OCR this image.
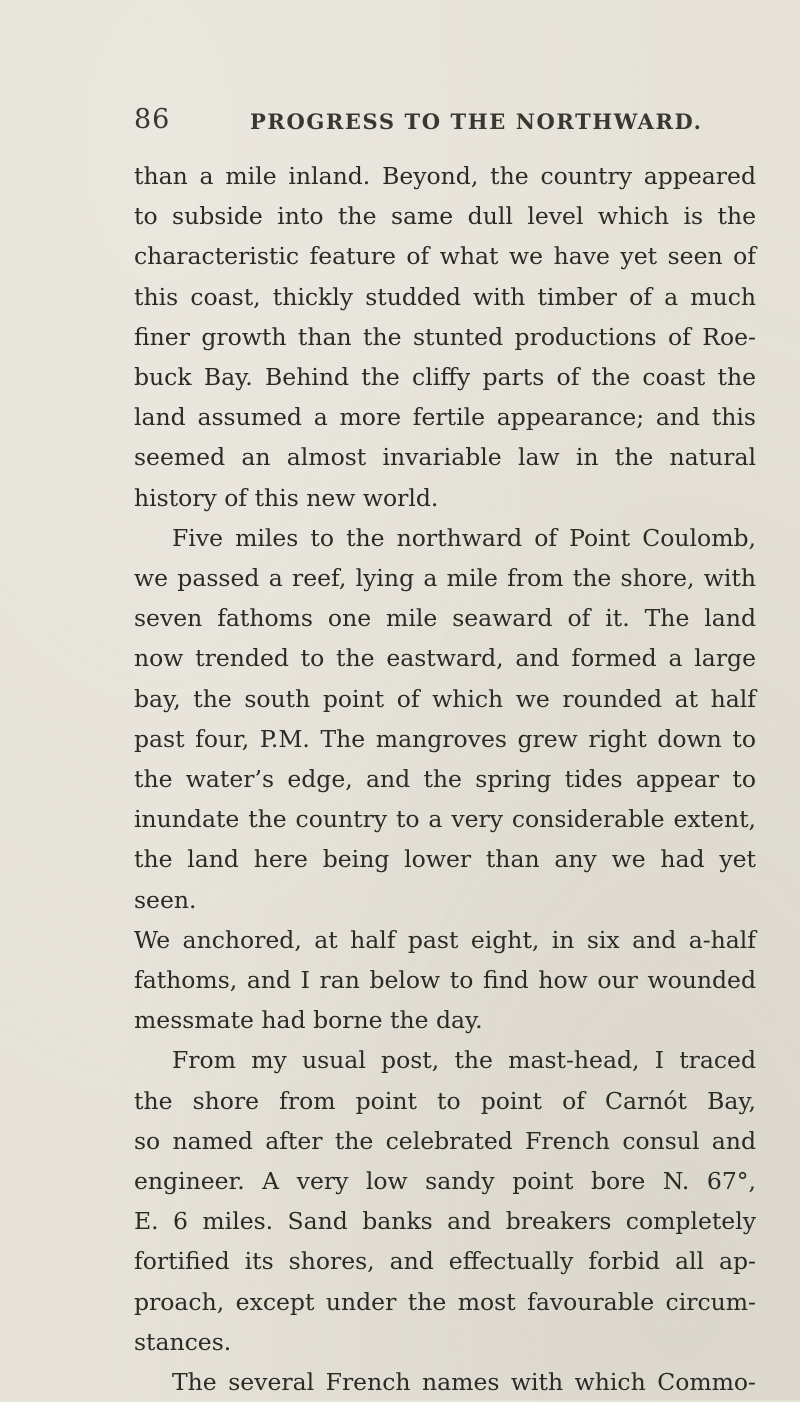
86	PROGRESS TO THE NORTHWARD.

than a mile inland. Beyond, the country appeared

to subside into the same dull level which is the

characteristic feature of what we have yet seen of

this coast, thickly studded with timber of a much

finer growth than the stunted productions of Roe-

buck Bay. Behind the cliffy parts of the coast the

land assumed a more fertile appearance; and this

seemed an almost invariable law in the natural

history of this new world.

Five miles to the northward of Point Coulomb,

we passed a reef, lying a mile from the shore, with

seven fathoms one mile seaward of it. The land

now trended to the eastward, and formed a large

bay, the south point of which we rounded at half

past four, P.M. The mangroves grew right down to

the water’s edge, and the spring tides appear to

inundate the country to a very considerable extent,

the land here being lower than any we had yet seen.

We anchored, at half past eight, in six and a-half

fathoms, and I ran below to find how our wounded

messmate had borne the day.

From my usual post, the mast-head, I traced

the shore from point to point of Carnót Bay,

so named after the celebrated French consul and

engineer. A very low sandy point bore N. 67°,

E. 6 miles. Sand banks and breakers completely

fortified its shores, and effectually forbid all ap-

proach, except under the most favourable circum-

stances.

The several French names with which Commo-
